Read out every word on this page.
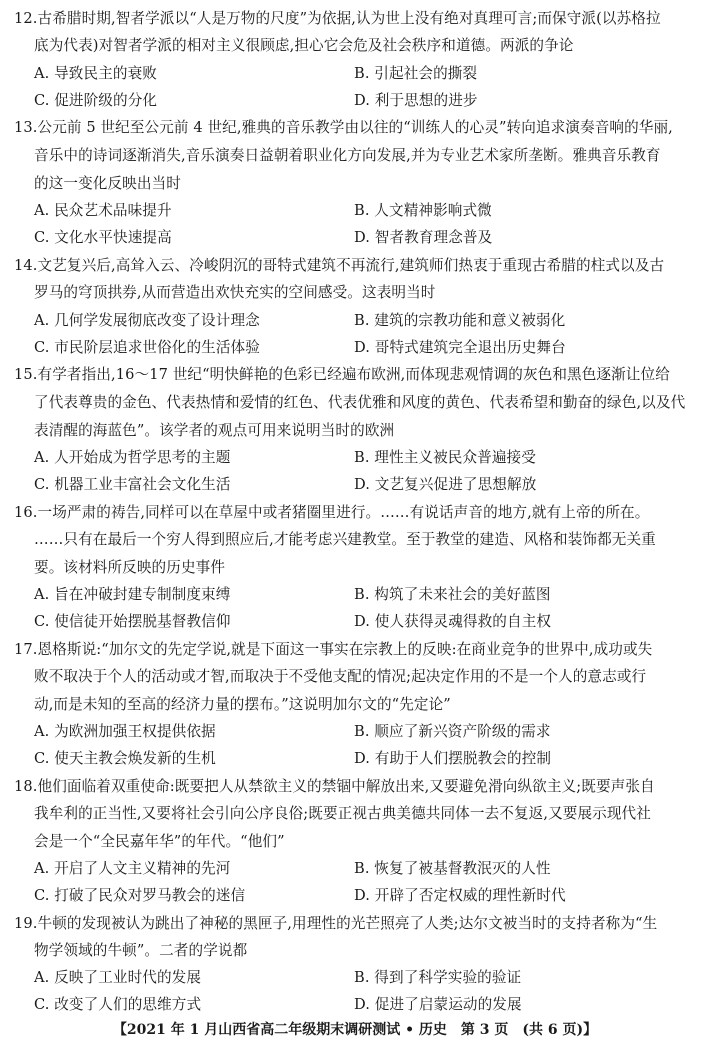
12.古希腊时期,智者学派以“人是万物的尺度”为依据,认为世上没有绝对真理可言;而保守派(以苏格拉
底为代表)对智者学派的相对主义很顾虑,担心它会危及社会秩序和道德。两派的争论
A. 导致民主的衰败	B. 引起社会的撕裂
C. 促进阶级的分化	D. 利于思想的进步
13.公元前 5 世纪至公元前 4 世纪,雅典的音乐教学由以往的“训练人的心灵”转向追求演奏音响的华丽,
音乐中的诗词逐渐消失,音乐演奏日益朝着职业化方向发展,并为专业艺术家所垄断。雅典音乐教育
的这一变化反映出当时
A. 民众艺术品味提升	B. 人文精神影响式微
C. 文化水平快速提高	D. 智者教育理念普及
14.文艺复兴后,高耸入云、冷峻阴沉的哥特式建筑不再流行,建筑师们热衷于重现古希腊的柱式以及古
罗马的穹顶拱券,从而营造出欢快充实的空间感受。这表明当时
A. 几何学发展彻底改变了设计理念	B. 建筑的宗教功能和意义被弱化
C. 市民阶层追求世俗化的生活体验	D. 哥特式建筑完全退出历史舞台
15.有学者指出,16～17 世纪“明快鲜艳的色彩已经遍布欧洲,而体现悲观情调的灰色和黑色逐渐让位给
了代表尊贵的金色、代表热情和爱情的红色、代表优雅和风度的黄色、代表希望和勤奋的绿色,以及代
表清醒的海蓝色”。该学者的观点可用来说明当时的欧洲
A. 人开始成为哲学思考的主题	B. 理性主义被民众普遍接受
C. 机器工业丰富社会文化生活	D. 文艺复兴促进了思想解放
16.一场严肃的祷告,同样可以在草屋中或者猪圈里进行。……有说话声音的地方,就有上帝的所在。
……只有在最后一个穷人得到照应后,才能考虑兴建教堂。至于教堂的建造、风格和装饰都无关重
要。该材料所反映的历史事件
A. 旨在冲破封建专制制度束缚	B. 构筑了未来社会的美好蓝图
C. 使信徒开始摆脱基督教信仰	D. 使人获得灵魂得救的自主权
17.恩格斯说:“加尔文的先定学说,就是下面这一事实在宗教上的反映:在商业竞争的世界中,成功或失
败不取决于个人的活动或才智,而取决于不受他支配的情况;起决定作用的不是一个人的意志或行
动,而是未知的至高的经济力量的摆布。”这说明加尔文的“先定论”
A. 为欧洲加强王权提供依据	B. 顺应了新兴资产阶级的需求
C. 使天主教会焕发新的生机	D. 有助于人们摆脱教会的控制
18.他们面临着双重使命:既要把人从禁欲主义的禁锢中解放出来,又要避免滑向纵欲主义;既要声张自
我牟利的正当性,又要将社会引向公序良俗;既要正视古典美德共同体一去不复返,又要展示现代社
会是一个“全民嘉年华”的年代。“他们”
A. 开启了人文主义精神的先河	B. 恢复了被基督教泯灭的人性
C. 打破了民众对罗马教会的迷信	D. 开辟了否定权威的理性新时代
19.牛顿的发现被认为跳出了神秘的黑匣子,用理性的光芒照亮了人类;达尔文被当时的支持者称为“生
物学领域的牛顿”。二者的学说都
A. 反映了工业时代的发展	B. 得到了科学实验的验证
C. 改变了人们的思维方式	D. 促进了启蒙运动的发展
【2021 年 1 月山西省高二年级期末调研测试 • 历史　第 3 页　(共 6 页)】
